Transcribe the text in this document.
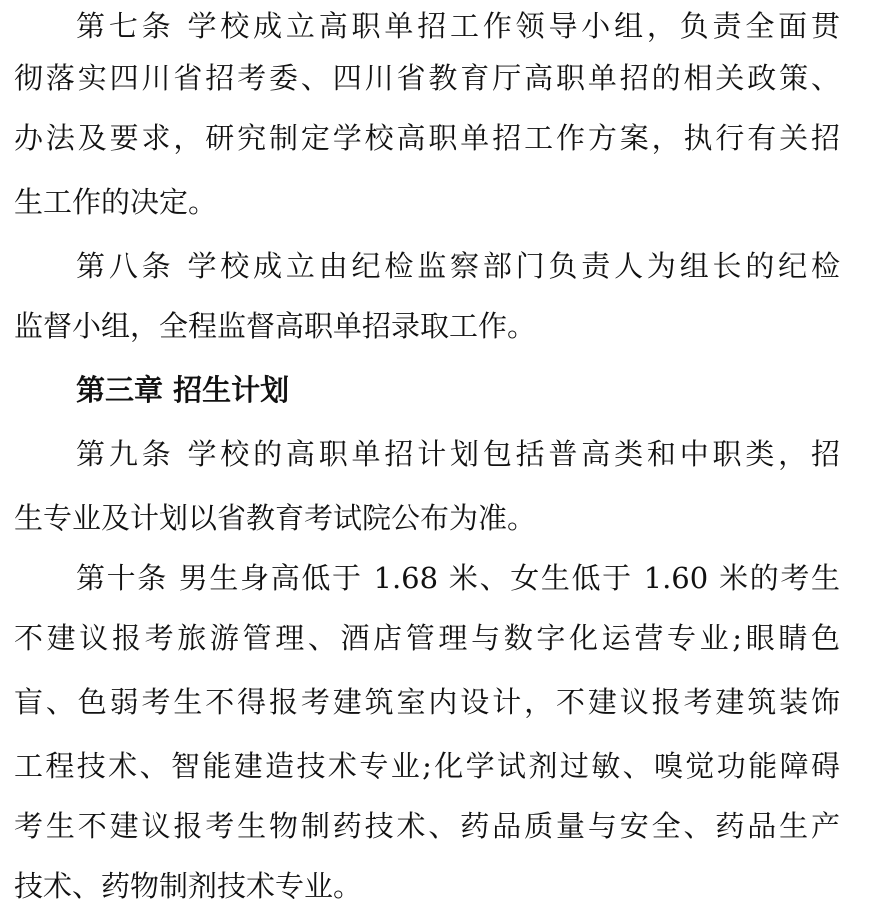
第七条 学校成立高职单招工作领导小组，负责全面贯
彻落实四川省招考委、四川省教育厅高职单招的相关政策、
办法及要求，研究制定学校高职单招工作方案，执行有关招
生工作的决定。
第八条 学校成立由纪检监察部门负责人为组长的纪检
监督小组，全程监督高职单招录取工作。
第三章 招生计划
第九条 学校的高职单招计划包括普高类和中职类，招
生专业及计划以省教育考试院公布为准。
第十条 男生身高低于 1.68 米、女生低于 1.60 米的考生
不建议报考旅游管理、酒店管理与数字化运营专业;眼睛色
盲、色弱考生不得报考建筑室内设计，不建议报考建筑装饰
工程技术、智能建造技术专业;化学试剂过敏、嗅觉功能障碍
考生不建议报考生物制药技术、药品质量与安全、药品生产
技术、药物制剂技术专业。
